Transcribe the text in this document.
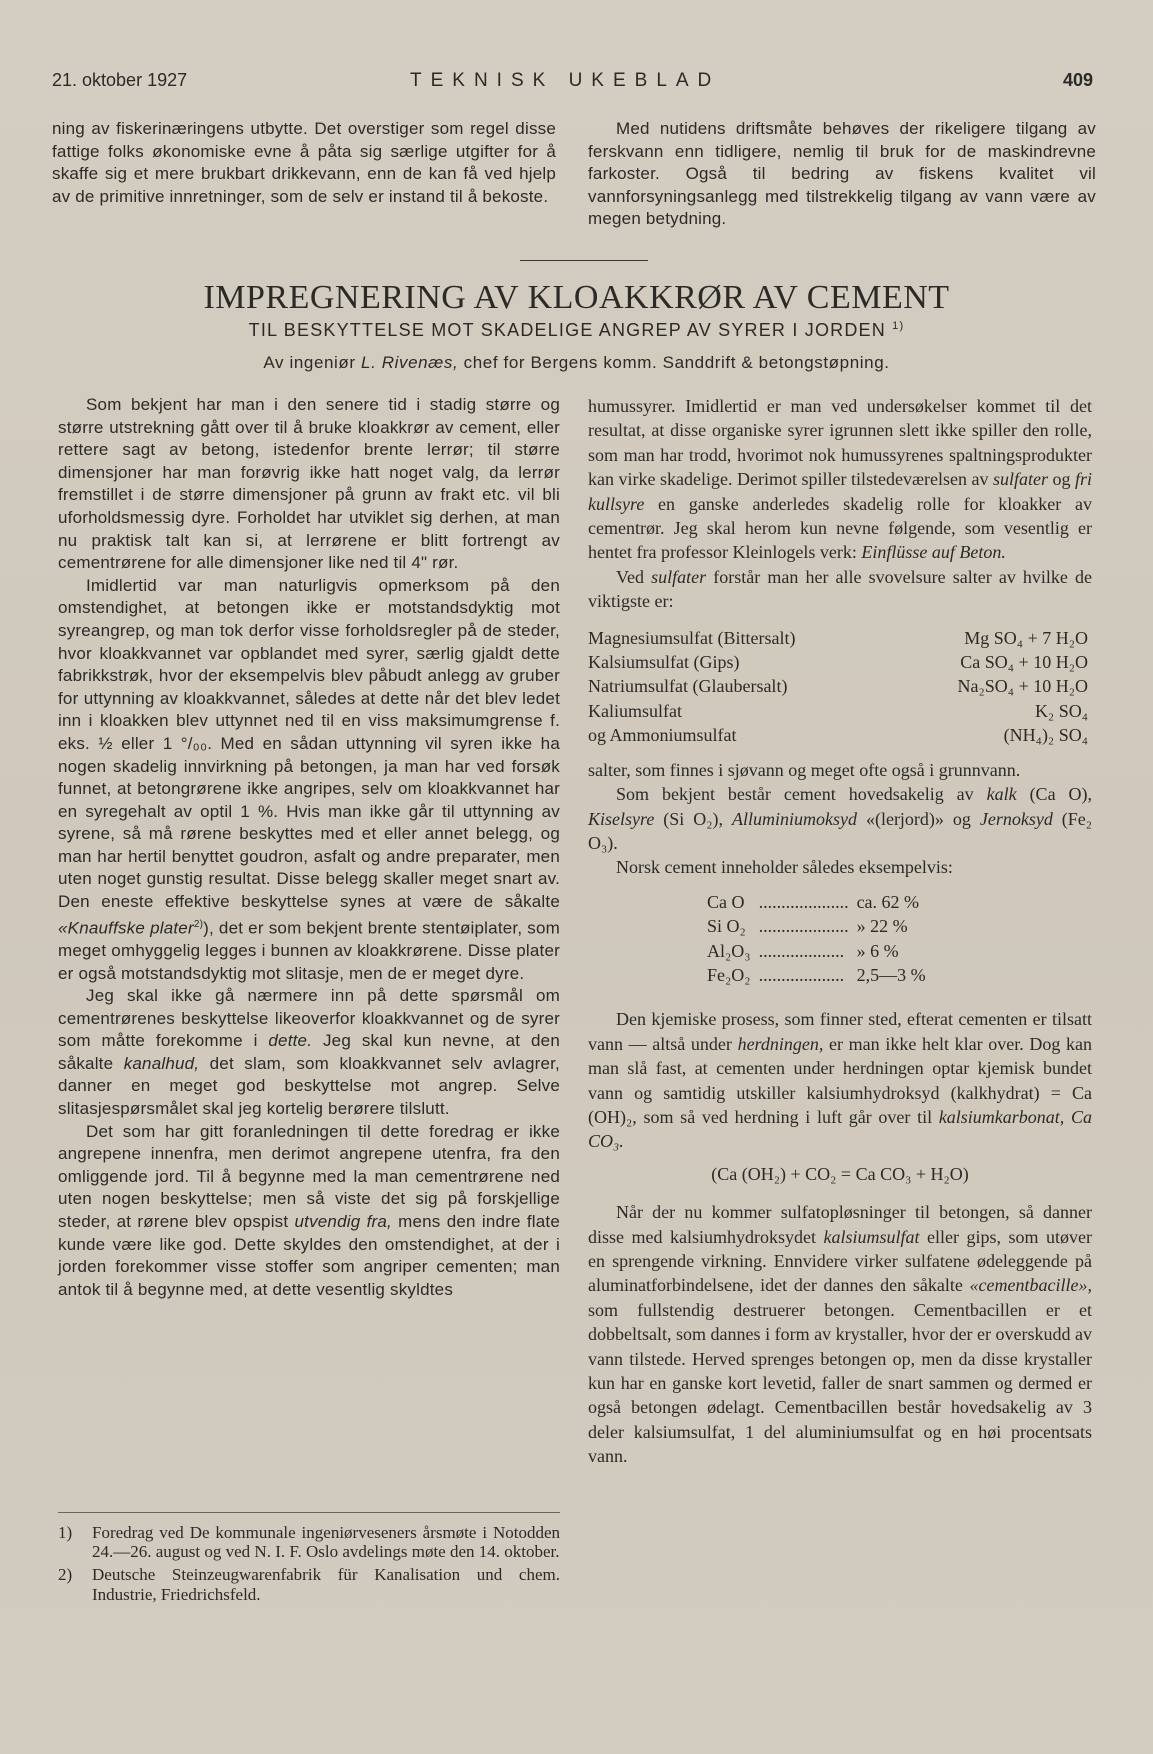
21. oktober 1927	TEKNISK UKEBLAD	409

ning av fiskerinæringens utbytte. Det overstiger som regel disse fattige folks økonomiske evne å påta sig særlige utgifter for å skaffe sig et mere brukbart drikkevann, enn de kan få ved hjelp av de primitive innretninger, som de selv er instand til å bekoste.

Med nutidens driftsmåte behøves der rikeligere tilgang av ferskvann enn tidligere, nemlig til bruk for de maskindrevne farkoster. Også til bedring av fiskens kvalitet vil vannforsyningsanlegg med tilstrekkelig tilgang av vann være av megen betydning.

IMPREGNERING AV KLOAKKRØR AV CEMENT
TIL BESKYTTELSE MOT SKADELIGE ANGREP AV SYRER I JORDEN $^{1)}$
Av ingeniør L. Rivenæs, chef for Bergens komm. Sanddrift & betongstøpning.

Som bekjent har man i den senere tid i stadig større og større utstrekning gått over til å bruke kloakkrør av cement, eller rettere sagt av betong, istedenfor brente lerrør; til større dimensjoner har man forøvrig ikke hatt noget valg, da lerrør fremstillet i de større dimensjoner på grunn av frakt etc. vil bli uforholdsmessig dyre. Forholdet har utviklet sig derhen, at man nu praktisk talt kan si, at lerrørene er blitt fortrengt av cementrørene for alle dimensjoner like ned til 4" rør.

Imidlertid var man naturligvis opmerksom på den omstendighet, at betongen ikke er motstandsdyktig mot syreangrep, og man tok derfor visse forholdsregler på de steder, hvor kloakkvannet var opblandet med syrer, særlig gjaldt dette fabrikkstrøk, hvor der eksempelvis blev påbudt anlegg av gruber for uttynning av kloakkvannet, således at dette når det blev ledet inn i kloakken blev uttynnet ned til en viss maksimumgrense f. eks. ½ eller 1 °/₀₀. Med en sådan uttynning vil syren ikke ha nogen skadelig innvirkning på betongen, ja man har ved forsøk funnet, at betongrørene ikke angripes, selv om kloakkvannet har en syregehalt av optil 1 %. Hvis man ikke går til uttynning av syrene, så må rørene beskyttes med et eller annet belegg, og man har hertil benyttet goudron, asfalt og andre preparater, men uten noget gunstig resultat. Disse belegg skaller meget snart av. Den eneste effektive beskyttelse synes at være de såkalte «Knauffske plater$^{2)}$), det er som bekjent brente stentøiplater, som meget omhyggelig legges i bunnen av kloakkrørene. Disse plater er også motstandsdyktig mot slitasje, men de er meget dyre.

Jeg skal ikke gå nærmere inn på dette spørsmål om cementrørenes beskyttelse likeoverfor kloakkvannet og de syrer som måtte forekomme i dette. Jeg skal kun nevne, at den såkalte kanalhud, det slam, som kloakkvannet selv avlagrer, danner en meget god beskyttelse mot angrep. Selve slitasjespørsmålet skal jeg kortelig berørere tilslutt.

Det som har gitt foranledningen til dette foredrag er ikke angrepene innenfra, men derimot angrepene utenfra, fra den omliggende jord. Til å begynne med la man cementrørene ned uten nogen beskyttelse; men så viste det sig på forskjellige steder, at rørene blev opspist utvendig fra, mens den indre flate kunde være like god. Dette skyldes den omstendighet, at der i jorden forekommer visse stoffer som angriper cementen; man antok til å begynne med, at dette vesentlig skyldtes

1)	Foredrag ved De kommunale ingeniørveseners årsmøte i Notodden 24.—26. august og ved N. I. F. Oslo avdelings møte den 14. oktober.
2)	Deutsche Steinzeugwarenfabrik für Kanalisation und chem. Industrie, Friedrichsfeld.

humussyrer. Imidlertid er man ved undersøkelser kommet til det resultat, at disse organiske syrer igrunnen slett ikke spiller den rolle, som man har trodd, hvorimot nok humussyrenes spaltningsprodukter kan virke skadelige. Derimot spiller tilstedeværelsen av sulfater og fri kullsyre en ganske anderledes skadelig rolle for kloakker av cementrør. Jeg skal herom kun nevne følgende, som vesentlig er hentet fra professor Kleinlogels verk: Einflüsse auf Beton.

Ved sulfater forstår man her alle svovelsure salter av hvilke de viktigste er:

Magnesiumsulfat (Bittersalt)	Mg SO₄ + 7 H₂O
Kalsiumsulfat (Gips)	Ca SO₄ + 10 H₂O
Natriumsulfat (Glaubersalt)	Na₂SO₄ + 10 H₂O
Kaliumsulfat	K₂ SO₄
og Ammoniumsulfat	(NH₄)₂ SO₄

salter, som finnes i sjøvann og meget ofte også i grunnvann.

Som bekjent består cement hovedsakelig av kalk (Ca O), Kiselsyre (Si O₂), Alluminiumoksyd «(lerjord)» og Jernoksyd (Fe₂ O₃).

Norsk cement inneholder således eksempelvis:

Ca O	....................	ca. 62 %
Si O₂	....................	» 22 %
Al₂O₃	...................	» 6 %
Fe₂O₂	...................	2,5—3 %

Den kjemiske prosess, som finner sted, efterat cementen er tilsatt vann — altså under herdningen, er man ikke helt klar over. Dog kan man slå fast, at cementen under herdningen optar kjemisk bundet vann og samtidig utskiller kalsiumhydroksyd (kalkhydrat) = Ca (OH)₂, som så ved herdning i luft går over til kalsiumkarbonat, Ca CO₃.

(Ca (OH₂) + CO₂ = Ca CO₃ + H₂O)

Når der nu kommer sulfatopløsninger til betongen, så danner disse med kalsiumhydroksydet kalsiumsulfat eller gips, som utøver en sprengende virkning. Ennvidere virker sulfatene ødeleggende på aluminatforbindelsene, idet der dannes den såkalte «cementbacille», som fullstendig destruerer betongen. Cementbacillen er et dobbeltsalt, som dannes i form av krystaller, hvor der er overskudd av vann tilstede. Herved sprenges betongen op, men da disse krystaller kun har en ganske kort levetid, faller de snart sammen og dermed er også betongen ødelagt. Cementbacillen består hovedsakelig av 3 deler kalsiumsulfat, 1 del aluminiumsulfat og en høi procentsats vann.
